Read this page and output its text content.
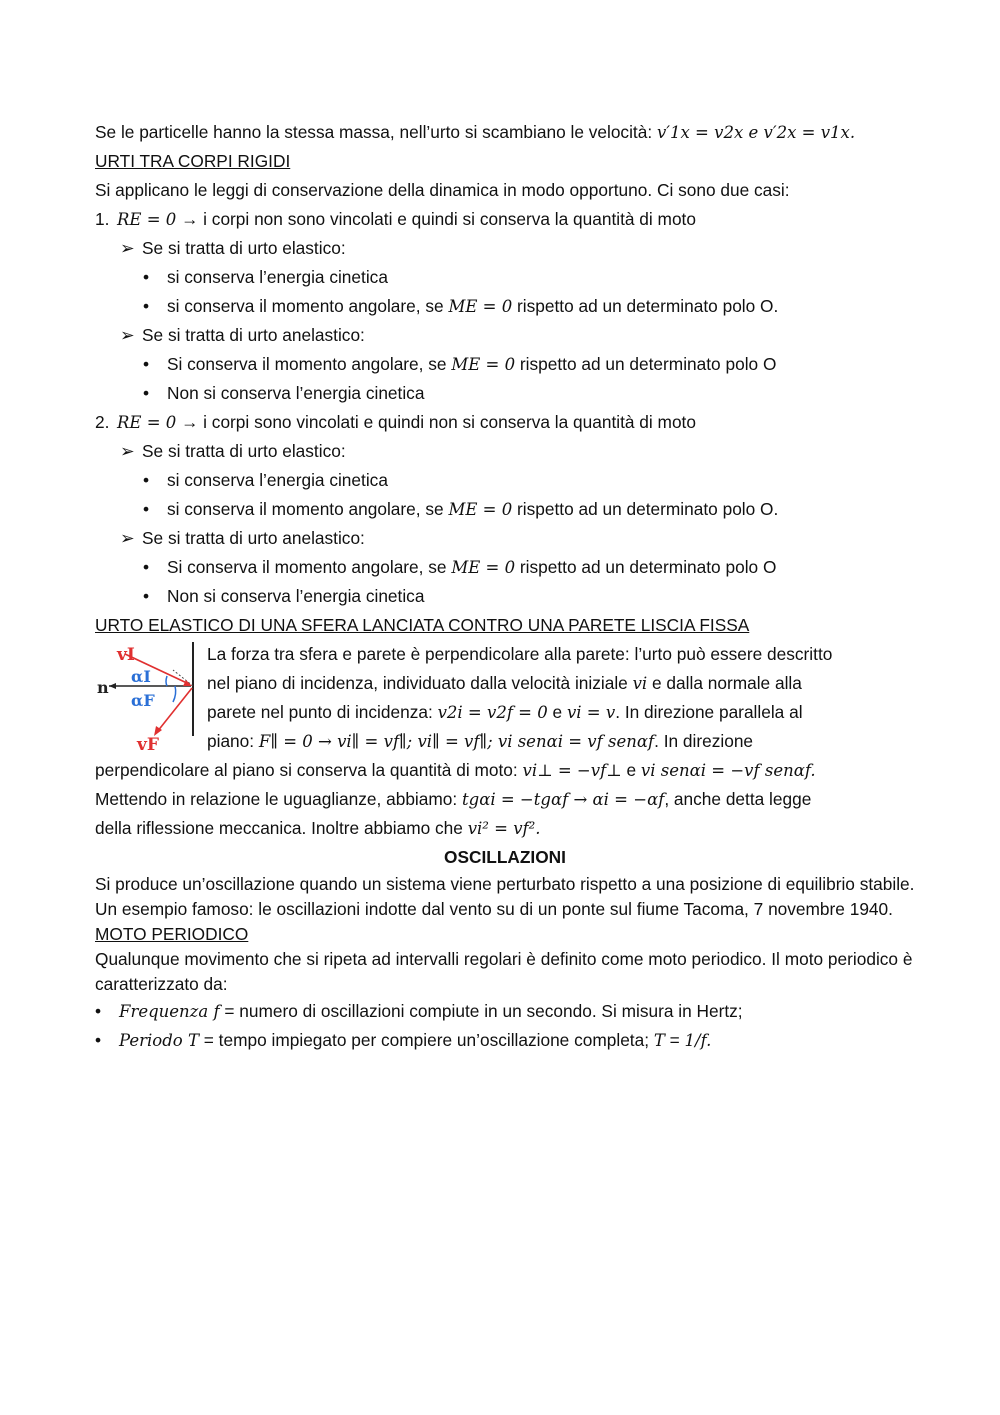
Se le particelle hanno la stessa massa, nell’urto si scambiano le velocità: v′1x = v2x e v′2x = v1x.
URTI TRA CORPI RIGIDI
Si applicano le leggi di conservazione della dinamica in modo opportuno. Ci sono due casi:
1. RE = 0 → i corpi non sono vincolati e quindi si conserva la quantità di moto
➢ Se si tratta di urto elastico:
• si conserva l’energia cinetica
• si conserva il momento angolare, se ME = 0 rispetto ad un determinato polo O.
➢ Se si tratta di urto anelastico:
• Si conserva il momento angolare, se ME = 0 rispetto ad un determinato polo O
• Non si conserva l’energia cinetica
2. RE = 0 → i corpi sono vincolati e quindi non si conserva la quantità di moto
➢ Se si tratta di urto elastico:
• si conserva l’energia cinetica
• si conserva il momento angolare, se ME = 0 rispetto ad un determinato polo O.
➢ Se si tratta di urto anelastico:
• Si conserva il momento angolare, se ME = 0 rispetto ad un determinato polo O
• Non si conserva l’energia cinetica
URTO ELASTICO DI UNA SFERA LANCIATA CONTRO UNA PARETE LISCIA FISSA
vI
n
αI
αF
vF
La forza tra sfera e parete è perpendicolare alla parete: l’urto può essere descritto
nel piano di incidenza, individuato dalla velocità iniziale vi e dalla normale alla
parete nel punto di incidenza: v2i = v2f = 0 e vi = v. In direzione parallela al
piano: F∥ = 0 → vi∥ = vf∥; vi∥ = vf∥; vi senαi = vf senαf. In direzione
perpendicolare al piano si conserva la quantità di moto: vi⊥ = −vf⊥ e vi senαi = −vf senαf.
Mettendo in relazione le uguaglianze, abbiamo: tgαi = −tgαf → αi = −αf, anche detta legge
della riflessione meccanica. Inoltre abbiamo che vi² = vf².
OSCILLAZIONI
Si produce un’oscillazione quando un sistema viene perturbato rispetto a una posizione di equilibrio stabile. Un esempio famoso: le oscillazioni indotte dal vento su di un ponte sul fiume Tacoma, 7 novembre 1940.
MOTO PERIODICO
Qualunque movimento che si ripeta ad intervalli regolari è definito come moto periodico. Il moto periodico è caratterizzato da:
• Frequenza f = numero di oscillazioni compiute in un secondo. Si misura in Hertz;
• Periodo T = tempo impiegato per compiere un’oscillazione completa; T = 1/f.
